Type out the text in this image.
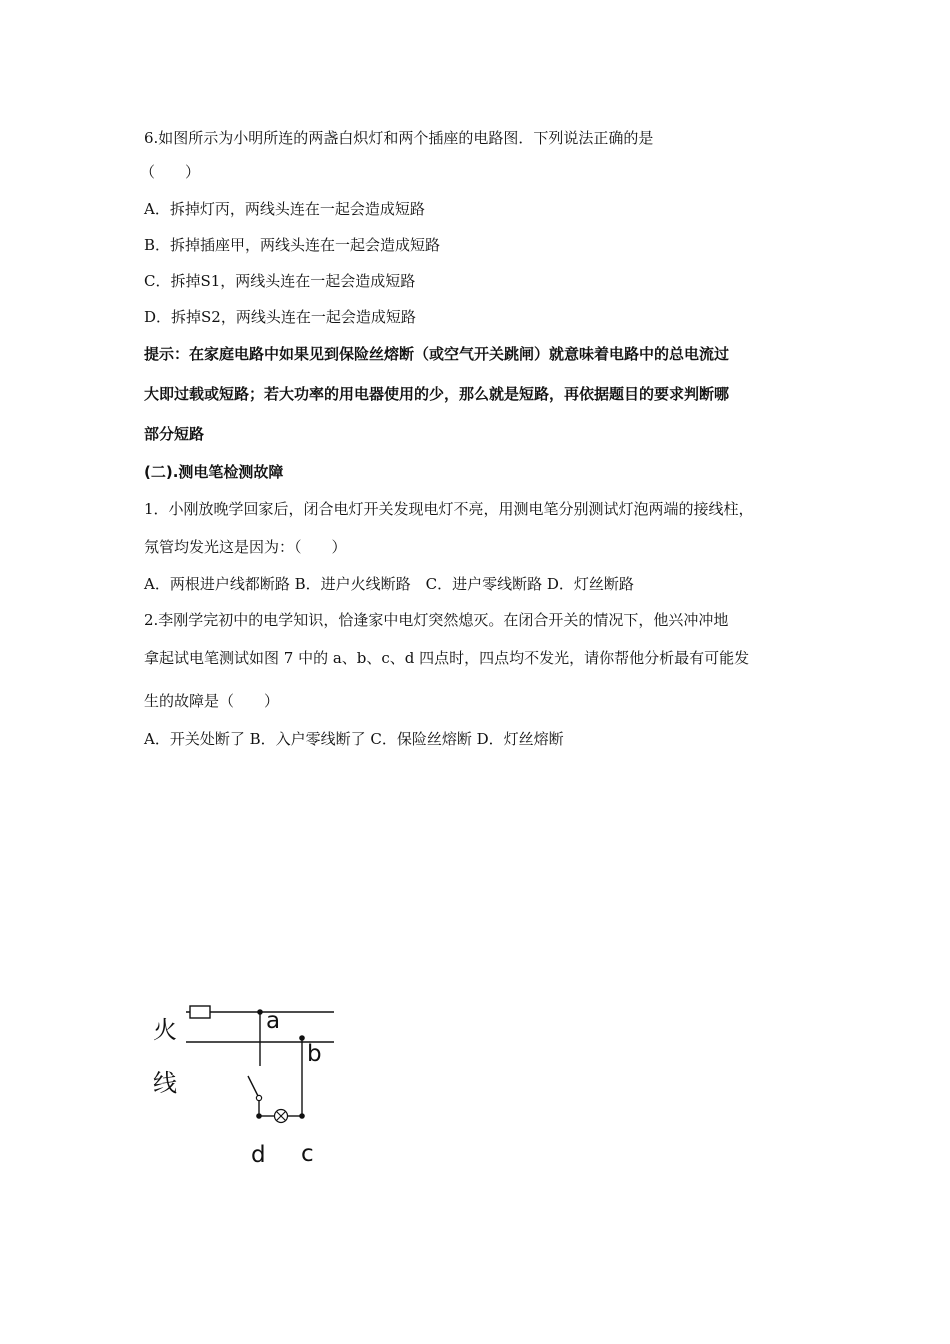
6.如图所示为小明所连的两盏白炽灯和两个插座的电路图．下列说法正确的是
（　　）
A．拆掉灯丙，两线头连在一起会造成短路
B．拆掉插座甲，两线头连在一起会造成短路
C．拆掉S1，两线头连在一起会造成短路
D．拆掉S2，两线头连在一起会造成短路
提示：在家庭电路中如果见到保险丝熔断（或空气开关跳闸）就意味着电路中的总电流过
大即过载或短路；若大功率的用电器使用的少，那么就是短路，再依据题目的要求判断哪
部分短路
(二).测电笔检测故障
1．小刚放晚学回家后，闭合电灯开关发现电灯不亮，用测电笔分别测试灯泡两端的接线柱，
氖管均发光这是因为：（　　）
A．两根进户线都断路 B．进户火线断路　C．进户零线断路 D．灯丝断路
2.李刚学完初中的电学知识，恰逢家中电灯突然熄灭。在闭合开关的情况下，他兴冲冲地
拿起试电笔测试如图 7 中的 a、b、c、d 四点时，四点均不发光，请你帮他分析最有可能发
生的故障是（　　）
A．开关处断了 B．入户零线断了 C．保险丝熔断 D．灯丝熔断
火
线
a
b
d c
